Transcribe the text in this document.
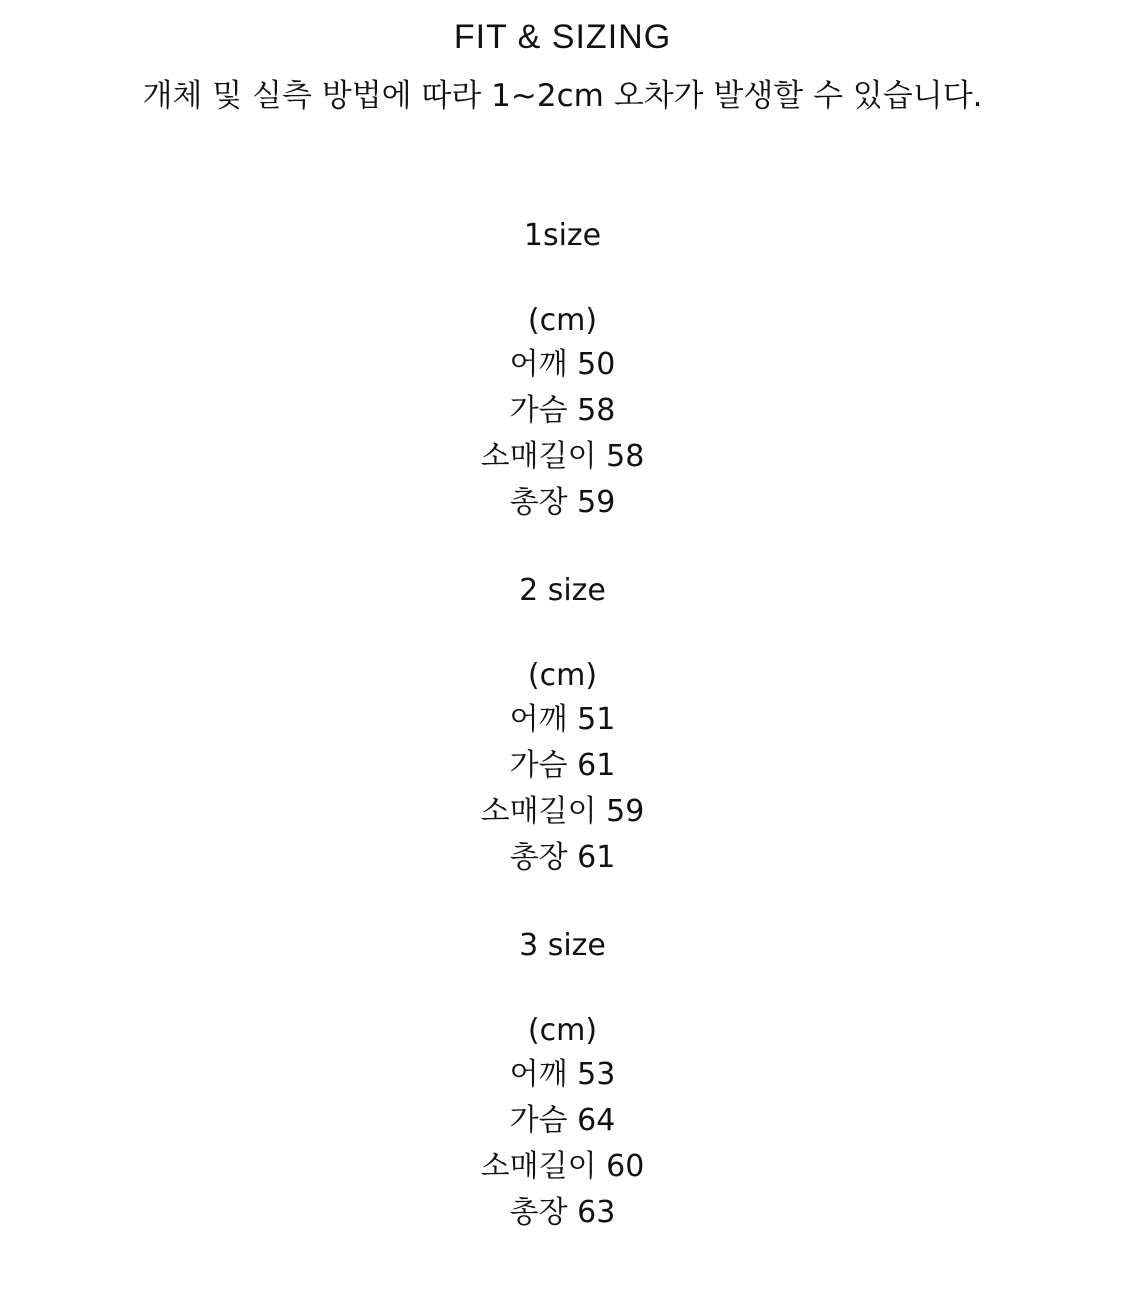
FIT & SIZING
개체 및 실측 방법에 따라 1~2cm 오차가 발생할 수 있습니다.

1size

(cm)

어깨 50

가슴 58

소매길이 58

총장 59

2 size

(cm)

어깨 51

가슴 61

소매길이 59

총장 61

3 size

(cm)

어깨 53

가슴 64

소매길이 60

총장 63
